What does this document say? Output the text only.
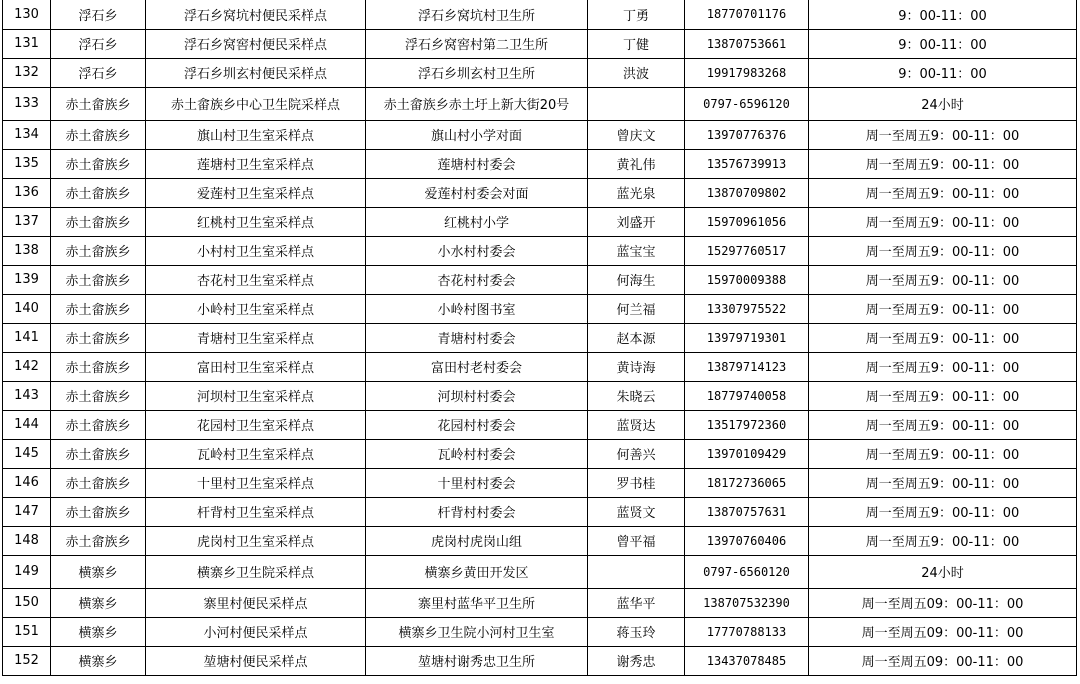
130	浮石乡	浮石乡窝坑村便民采样点	浮石乡窝坑村卫生所	丁勇	18770701176	9：00-11：00
131	浮石乡	浮石乡窝窖村便民采样点	浮石乡窝窖村第二卫生所	丁健	13870753661	9：00-11：00
132	浮石乡	浮石乡圳玄村便民采样点	浮石乡圳玄村卫生所	洪波	19917983268	9：00-11：00
133	赤土畲族乡	赤土畲族乡中心卫生院采样点	赤土畲族乡赤土圩上新大街20号		0797-6596120	24小时
134	赤土畲族乡	旗山村卫生室采样点	旗山村小学对面	曾庆文	13970776376	周一至周五9：00-11：00
135	赤土畲族乡	莲塘村卫生室采样点	莲塘村村委会	黄礼伟	13576739913	周一至周五9：00-11：00
136	赤土畲族乡	爱莲村卫生室采样点	爱莲村村委会对面	蓝光泉	13870709802	周一至周五9：00-11：00
137	赤土畲族乡	红桃村卫生室采样点	红桃村小学	刘盛开	15970961056	周一至周五9：00-11：00
138	赤土畲族乡	小村村卫生室采样点	小水村村委会	蓝宝宝	15297760517	周一至周五9：00-11：00
139	赤土畲族乡	杏花村卫生室采样点	杏花村村委会	何海生	15970009388	周一至周五9：00-11：00
140	赤土畲族乡	小岭村卫生室采样点	小岭村图书室	何兰福	13307975522	周一至周五9：00-11：00
141	赤土畲族乡	青塘村卫生室采样点	青塘村村委会	赵本源	13979719301	周一至周五9：00-11：00
142	赤土畲族乡	富田村卫生室采样点	富田村老村委会	黄诗海	13879714123	周一至周五9：00-11：00
143	赤土畲族乡	河坝村卫生室采样点	河坝村村委会	朱晓云	18779740058	周一至周五9：00-11：00
144	赤土畲族乡	花园村卫生室采样点	花园村村委会	蓝贤达	13517972360	周一至周五9：00-11：00
145	赤土畲族乡	瓦岭村卫生室采样点	瓦岭村村委会	何善兴	13970109429	周一至周五9：00-11：00
146	赤土畲族乡	十里村卫生室采样点	十里村村委会	罗书桂	18172736065	周一至周五9：00-11：00
147	赤土畲族乡	杆背村卫生室采样点	杆背村村委会	蓝贤文	13870757631	周一至周五9：00-11：00
148	赤土畲族乡	虎岗村卫生室采样点	虎岗村虎岗山组	曾平福	13970760406	周一至周五9：00-11：00
149	横寨乡	横寨乡卫生院采样点	横寨乡黄田开发区		0797-6560120	24小时
150	横寨乡	寨里村便民采样点	寨里村蓝华平卫生所	蓝华平	138707532390	周一至周五09：00-11：00
151	横寨乡	小河村便民采样点	横寨乡卫生院小河村卫生室	蒋玉玲	17770788133	周一至周五09：00-11：00
152	横寨乡	堃塘村便民采样点	堃塘村谢秀忠卫生所	谢秀忠	13437078485	周一至周五09：00-11：00
